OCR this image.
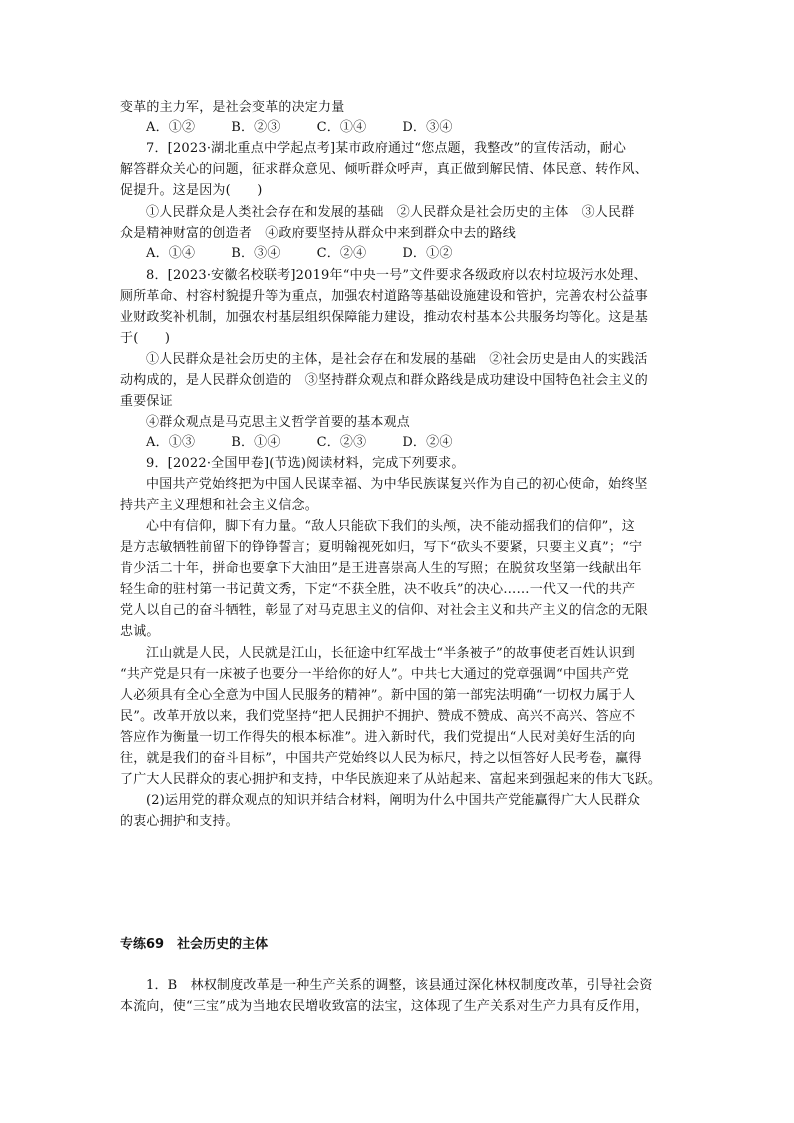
变革的主力军，是社会变革的决定力量
A．①②	B．②③	C．①④	D．③④
7．[2023·湖北重点中学起点考]某市政府通过“您点题，我整改”的宣传活动，耐心
解答群众关心的问题，征求群众意见、倾听群众呼声，真正做到解民情、体民意、转作风、
促提升。这是因为(　　)
①人民群众是人类社会存在和发展的基础　②人民群众是社会历史的主体　③人民群
众是精神财富的创造者　④政府要坚持从群众中来到群众中去的路线
A．①④	B．③④	C．②④	D．①②
8．[2023·安徽名校联考]2019年“中央一号”文件要求各级政府以农村垃圾污水处理、
厕所革命、村容村貌提升等为重点，加强农村道路等基础设施建设和管护，完善农村公益事
业财政奖补机制，加强农村基层组织保障能力建设，推动农村基本公共服务均等化。这是基
于(　　)
①人民群众是社会历史的主体，是社会存在和发展的基础　②社会历史是由人的实践活
动构成的，是人民群众创造的　③坚持群众观点和群众路线是成功建设中国特色社会主义的
重要保证
④群众观点是马克思主义哲学首要的基本观点
A．①③	B．①④	C．②③	D．②④
9．[2022·全国甲卷](节选)阅读材料，完成下列要求。
中国共产党始终把为中国人民谋幸福、为中华民族谋复兴作为自己的初心使命，始终坚
持共产主义理想和社会主义信念。
心中有信仰，脚下有力量。“敌人只能砍下我们的头颅，决不能动摇我们的信仰”，这
是方志敏牺牲前留下的铮铮誓言；夏明翰视死如归，写下“砍头不要紧，只要主义真”；“宁
肯少活二十年，拼命也要拿下大油田”是王进喜崇高人生的写照；在脱贫攻坚第一线献出年
轻生命的驻村第一书记黄文秀，下定“不获全胜，决不收兵”的决心……一代又一代的共产
党人以自己的奋斗牺牲，彰显了对马克思主义的信仰、对社会主义和共产主义的信念的无限
忠诚。
江山就是人民，人民就是江山，长征途中红军战士“半条被子”的故事使老百姓认识到
“共产党是只有一床被子也要分一半给你的好人”。中共七大通过的党章强调“中国共产党
人必须具有全心全意为中国人民服务的精神”。新中国的第一部宪法明确“一切权力属于人
民”。改革开放以来，我们党坚持“把人民拥护不拥护、赞成不赞成、高兴不高兴、答应不
答应作为衡量一切工作得失的根本标准”。进入新时代，我们党提出“人民对美好生活的向
往，就是我们的奋斗目标”，中国共产党始终以人民为标尺，持之以恒答好人民考卷，赢得
了广大人民群众的衷心拥护和支持，中华民族迎来了从站起来、富起来到强起来的伟大飞跃。
(2)运用党的群众观点的知识并结合材料，阐明为什么中国共产党能赢得广大人民群众
的衷心拥护和支持。
专练69　社会历史的主体
1．B　林权制度改革是一种生产关系的调整，该县通过深化林权制度改革，引导社会资
本流向，使“三宝”成为当地农民增收致富的法宝，这体现了生产关系对生产力具有反作用，
